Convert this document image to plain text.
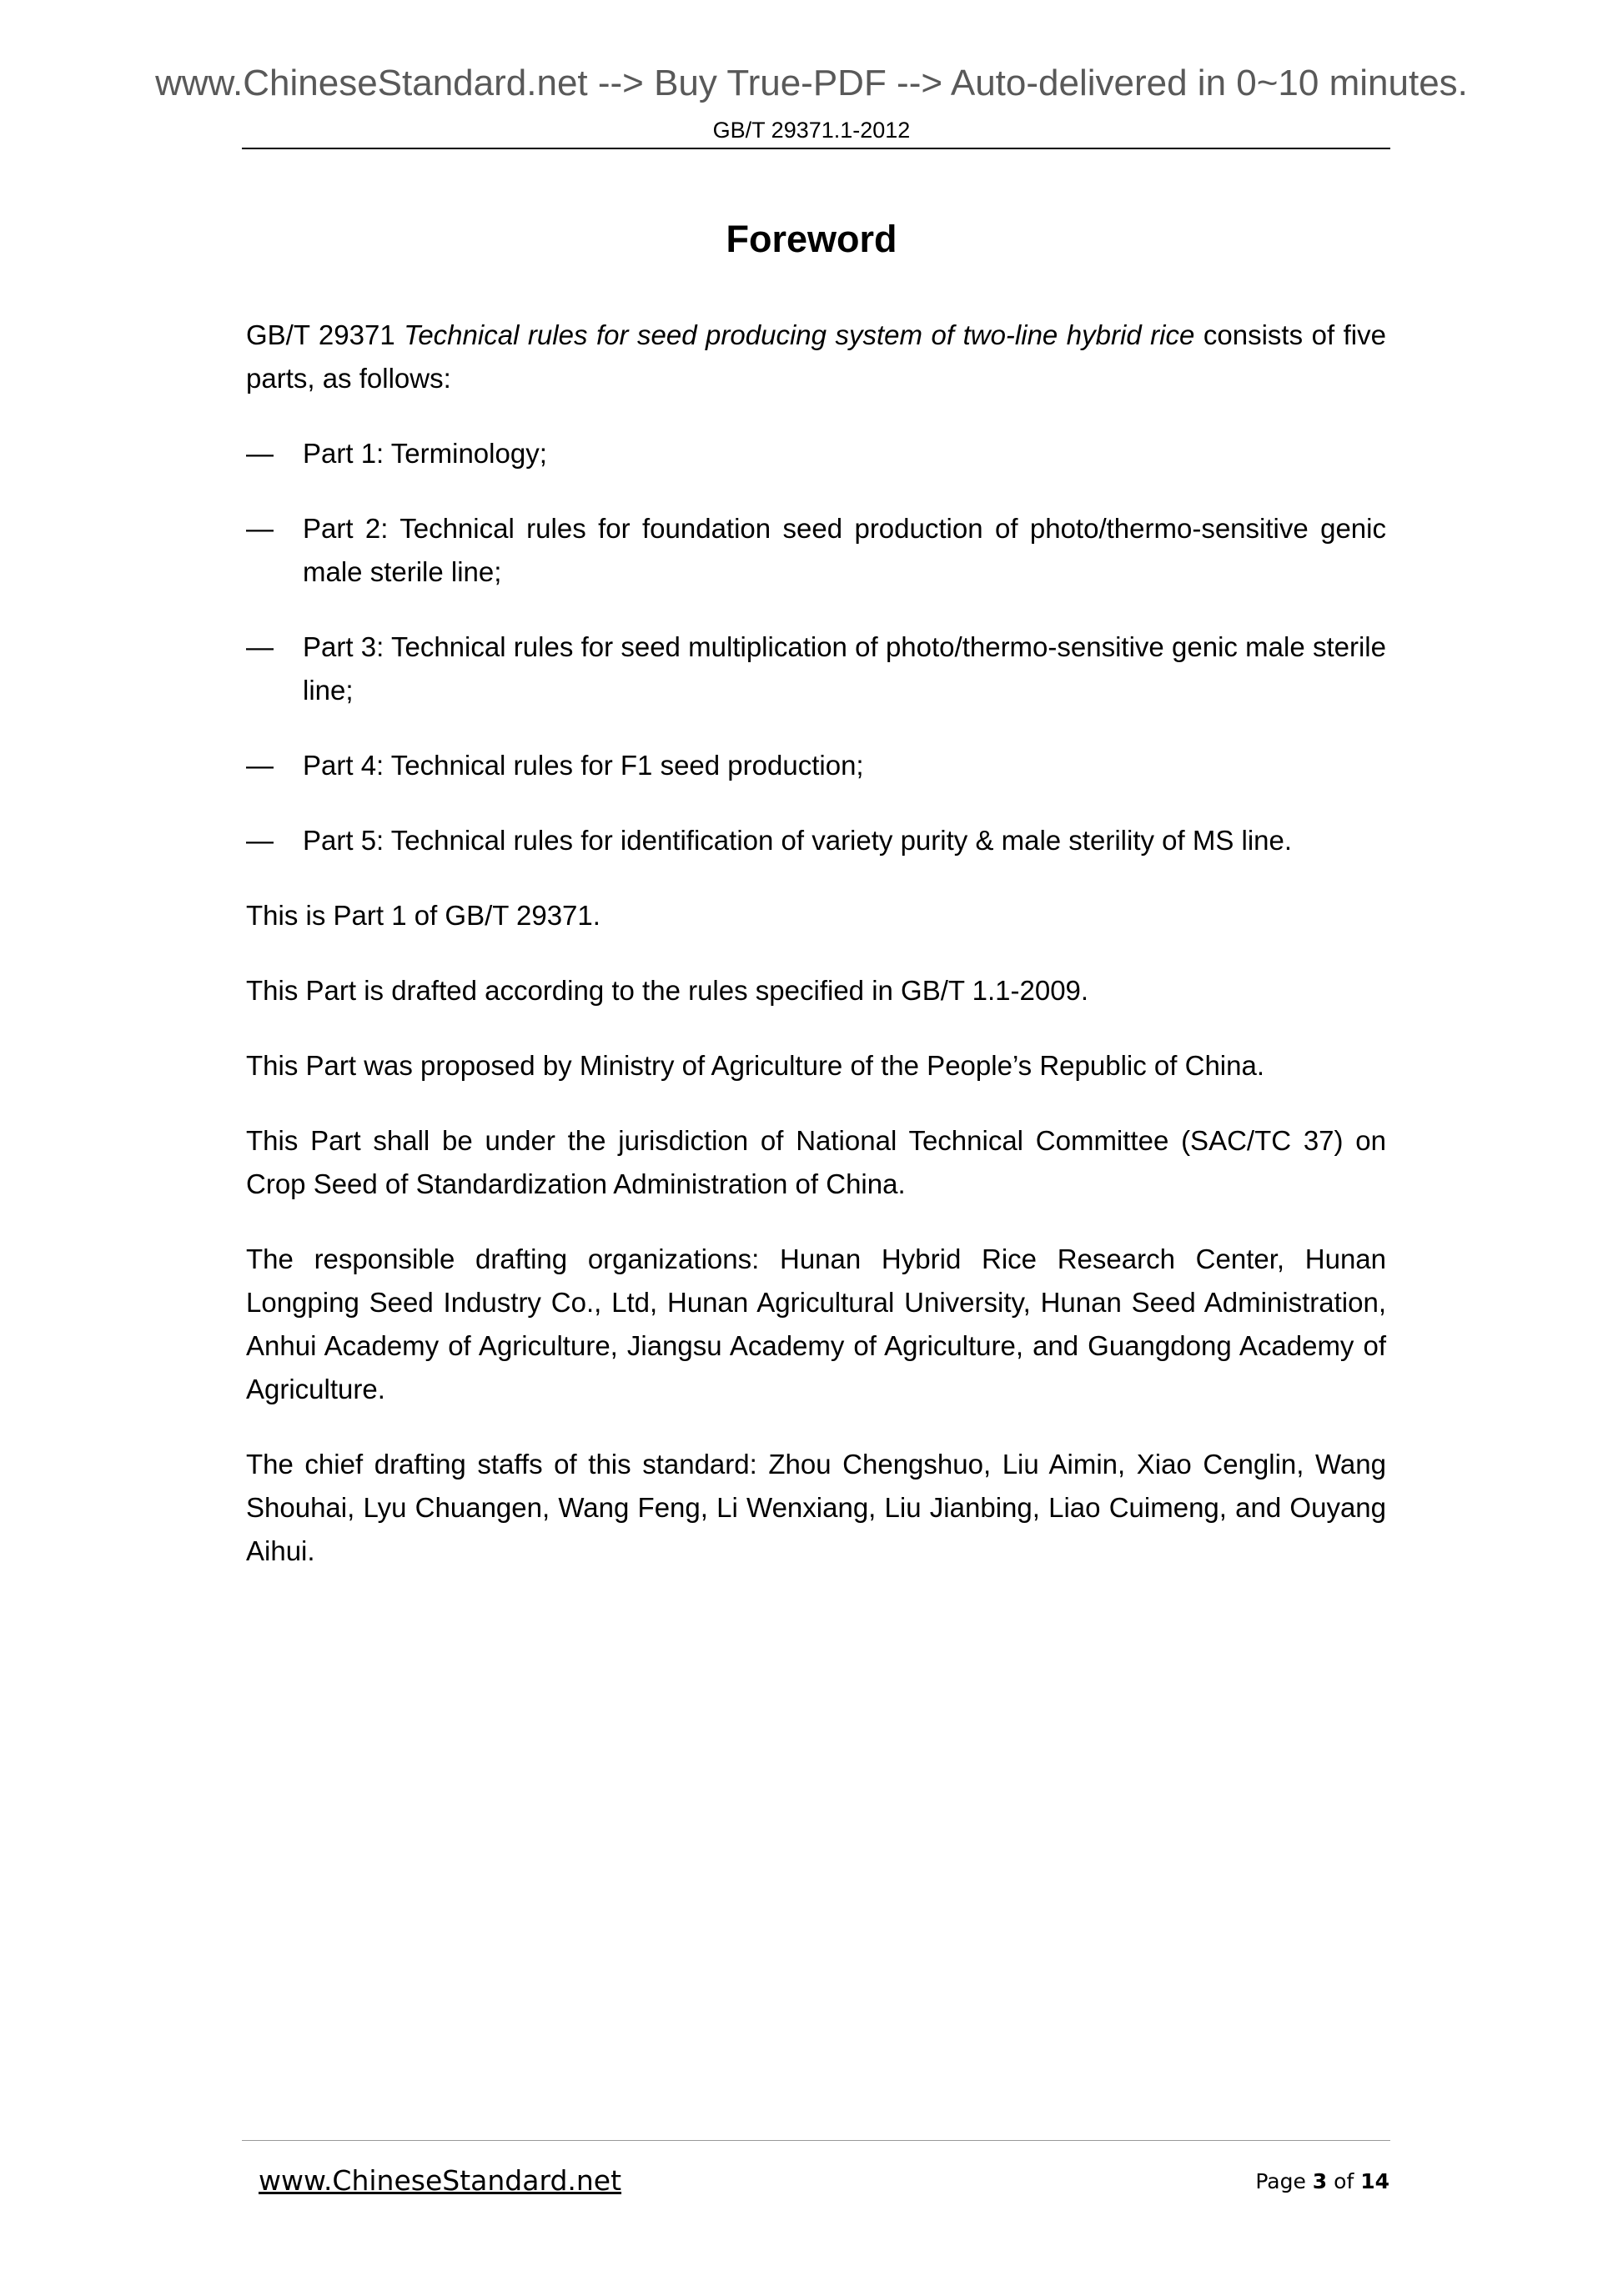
www.ChineseStandard.net --> Buy True-PDF --> Auto-delivered in 0~10 minutes.
GB/T 29371.1-2012
Foreword

GB/T 29371 Technical rules for seed producing system of two-line hybrid rice consists of five parts, as follows:

—	Part 1: Terminology;
—	Part 2: Technical rules for foundation seed production of photo/thermo-sensitive genic male sterile line;
—	Part 3: Technical rules for seed multiplication of photo/thermo-sensitive genic male sterile line;
—	Part 4: Technical rules for F1 seed production;
—	Part 5: Technical rules for identification of variety purity & male sterility of MS line.

This is Part 1 of GB/T 29371.

This Part is drafted according to the rules specified in GB/T 1.1-2009.

This Part was proposed by Ministry of Agriculture of the People’s Republic of China.

This Part shall be under the jurisdiction of National Technical Committee (SAC/TC 37) on Crop Seed of Standardization Administration of China.

The responsible drafting organizations: Hunan Hybrid Rice Research Center, Hunan Longping Seed Industry Co., Ltd, Hunan Agricultural University, Hunan Seed Administration, Anhui Academy of Agriculture, Jiangsu Academy of Agriculture, and Guangdong Academy of Agriculture.

The chief drafting staffs of this standard: Zhou Chengshuo, Liu Aimin, Xiao Cenglin, Wang Shouhai, Lyu Chuangen, Wang Feng, Li Wenxiang, Liu Jianbing, Liao Cuimeng, and Ouyang Aihui.

www.ChineseStandard.net	Page 3 of 14
